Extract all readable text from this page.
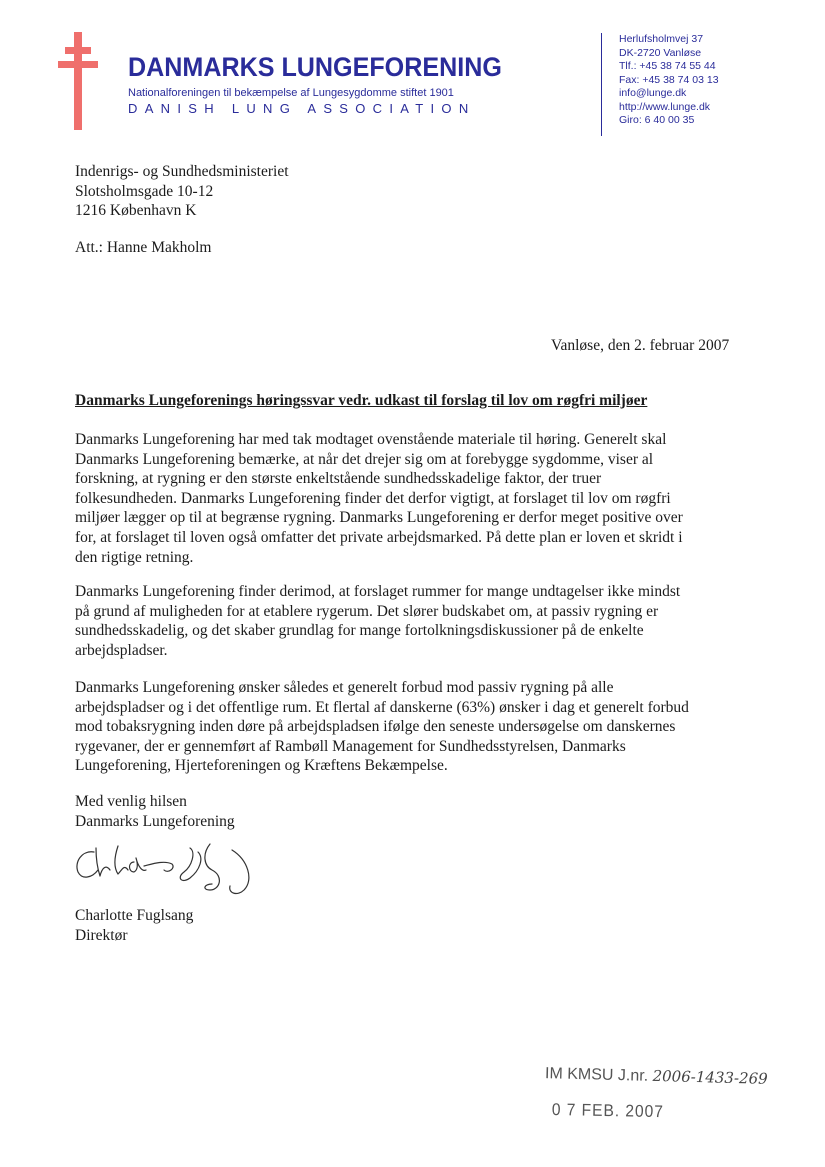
DANMARKS LUNGEFORENING
Nationalforeningen til bekæmpelse af Lungesygdomme stiftet 1901
DANISH LUNG ASSOCIATION
Herlufsholmvej 37
DK-2720 Vanløse
Tlf.: +45 38 74 55 44
Fax: +45 38 74 03 13
info@lunge.dk
http://www.lunge.dk
Giro: 6 40 00 35
Indenrigs- og Sundhedsministeriet
Slotsholmsgade 10-12
1216 København K
Att.: Hanne Makholm
Vanløse, den 2. februar 2007
Danmarks Lungeforenings høringssvar vedr. udkast til forslag til lov om røgfri miljøer
Danmarks Lungeforening har med tak modtaget ovenstående materiale til høring. Generelt skal
Danmarks Lungeforening bemærke, at når det drejer sig om at forebygge sygdomme, viser al
forskning, at rygning er den største enkeltstående sundhedsskadelige faktor, der truer
folkesundheden. Danmarks Lungeforening finder det derfor vigtigt, at forslaget til lov om røgfri
miljøer lægger op til at begrænse rygning. Danmarks Lungeforening er derfor meget positive over
for, at forslaget til loven også omfatter det private arbejdsmarked. På dette plan er loven et skridt i
den rigtige retning.
Danmarks Lungeforening finder derimod, at forslaget rummer for mange undtagelser ikke mindst
på grund af muligheden for at etablere rygerum. Det slører budskabet om, at passiv rygning er
sundhedsskadelig, og det skaber grundlag for mange fortolkningsdiskussioner på de enkelte
arbejdspladser.
Danmarks Lungeforening ønsker således et generelt forbud mod passiv rygning på alle
arbejdspladser og i det offentlige rum. Et flertal af danskerne (63%) ønsker i dag et generelt forbud
mod tobaksrygning inden døre på arbejdspladsen ifølge den seneste undersøgelse om danskernes
rygevaner, der er gennemført af Rambøll Management for Sundhedsstyrelsen, Danmarks
Lungeforening, Hjerteforeningen og Kræftens Bekæmpelse.
Med venlig hilsen
Danmarks Lungeforening
Charlotte Fuglsang
Direktør
IM KMSU J.nr. 2006-1433-269
0 7 FEB. 2007
